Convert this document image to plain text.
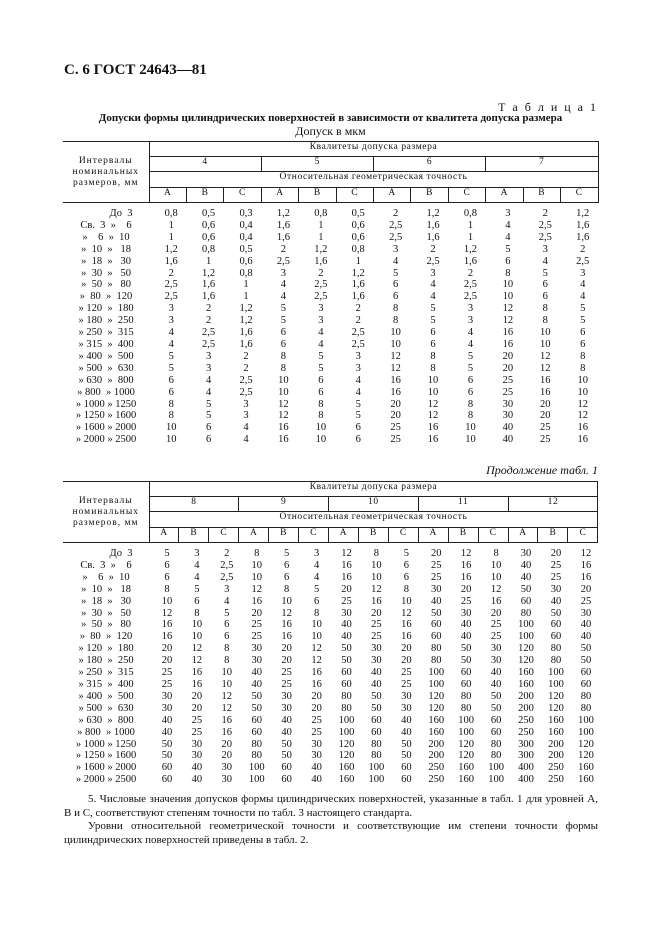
С. 6 ГОСТ 24643—81
Т а б л и ц а 1
Допуски формы цилиндрических поверхностей в зависимости от квалитета допуска размера
Допуск в мкм
Интервалы номинальных размеров, мм	Квалитеты допуска размера											
	4			5			6			7		
	Относительная геометрическая точность											
	А	В	С	А	В	С	А	В	С	А	В	С
До  3	0,8	0,5	0,3	1,2	0,8	0,5	2	1,2	0,8	3	2	1,2
Св.  3  »    6	1	0,6	0,4	1,6	1	0,6	2,5	1,6	1	4	2,5	1,6
»    6  »  10	1	0,6	0,4	1,6	1	0,6	2,5	1,6	1	4	2,5	1,6
»  10  »   18	1,2	0,8	0,5	2	1,2	0,8	3	2	1,2	5	3	2
»  18  »   30	1,6	1	0,6	2,5	1,6	1	4	2,5	1,6	6	4	2,5
»  30  »   50	2	1,2	0,8	3	2	1,2	5	3	2	8	5	3
»  50  »   80	2,5	1,6	1	4	2,5	1,6	6	4	2,5	10	6	4
»  80  »  120	2,5	1,6	1	4	2,5	1,6	6	4	2,5	10	6	4
» 120  »  180	3	2	1,2	5	3	2	8	5	3	12	8	5
» 180  »  250	3	2	1,2	5	3	2	8	5	3	12	8	5
» 250  »  315	4	2,5	1,6	6	4	2,5	10	6	4	16	10	6
» 315  »  400	4	2,5	1,6	6	4	2,5	10	6	4	16	10	6
» 400  »  500	5	3	2	8	5	3	12	8	5	20	12	8
» 500  »  630	5	3	2	8	5	3	12	8	5	20	12	8
» 630  »  800	6	4	2,5	10	6	4	16	10	6	25	16	10
» 800  » 1000	6	4	2,5	10	6	4	16	10	6	25	16	10
» 1000 » 1250	8	5	3	12	8	5	20	12	8	30	20	12
» 1250 » 1600	8	5	3	12	8	5	20	12	8	30	20	12
» 1600 » 2000	10	6	4	16	10	6	25	16	10	40	25	16
» 2000 » 2500	10	6	4	16	10	6	25	16	10	40	25	16
Продолжение табл. 1
Интервалы номинальных размеров, мм	Квалитеты допуска размера														
	8			9			10			11			12		
	Относительная геометрическая точность														
	А	В	С	А	В	С	А	В	С	А	В	С	А	В	С
До  3	5	3	2	8	5	3	12	8	5	20	12	8	30	20	12
Св.  3  »    6	6	4	2,5	10	6	4	16	10	6	25	16	10	40	25	16
»    6  »  10	6	4	2,5	10	6	4	16	10	6	25	16	10	40	25	16
»  10  »   18	8	5	3	12	8	5	20	12	8	30	20	12	50	30	20
»  18  »   30	10	6	4	16	10	6	25	16	10	40	25	16	60	40	25
»  30  »   50	12	8	5	20	12	8	30	20	12	50	30	20	80	50	30
»  50  »   80	16	10	6	25	16	10	40	25	16	60	40	25	100	60	40
»  80  »  120	16	10	6	25	16	10	40	25	16	60	40	25	100	60	40
» 120  »  180	20	12	8	30	20	12	50	30	20	80	50	30	120	80	50
» 180  »  250	20	12	8	30	20	12	50	30	20	80	50	30	120	80	50
» 250  »  315	25	16	10	40	25	16	60	40	25	100	60	40	160	100	60
» 315  »  400	25	16	10	40	25	16	60	40	25	100	60	40	160	100	60
» 400  »  500	30	20	12	50	30	20	80	50	30	120	80	50	200	120	80
» 500  »  630	30	20	12	50	30	20	80	50	30	120	80	50	200	120	80
» 630  »  800	40	25	16	60	40	25	100	60	40	160	100	60	250	160	100
» 800  » 1000	40	25	16	60	40	25	100	60	40	160	100	60	250	160	100
» 1000 » 1250	50	30	20	80	50	30	120	80	50	200	120	80	300	200	120
» 1250 » 1600	50	30	20	80	50	30	120	80	50	200	120	80	300	200	120
» 1600 » 2000	60	40	30	100	60	40	160	100	60	250	160	100	400	250	160
» 2000 » 2500	60	40	30	100	60	40	160	100	60	250	160	100	400	250	160
5. Числовые значения допусков формы цилиндрических поверхностей, указанные в табл. 1 для уровней А, В и С, соответствуют степеням точности по табл. 3 настоящего стандарта.
Уровни относительной геометрической точности и соответствующие им степени точности формы цилиндрических поверхностей приведены в табл. 2.
